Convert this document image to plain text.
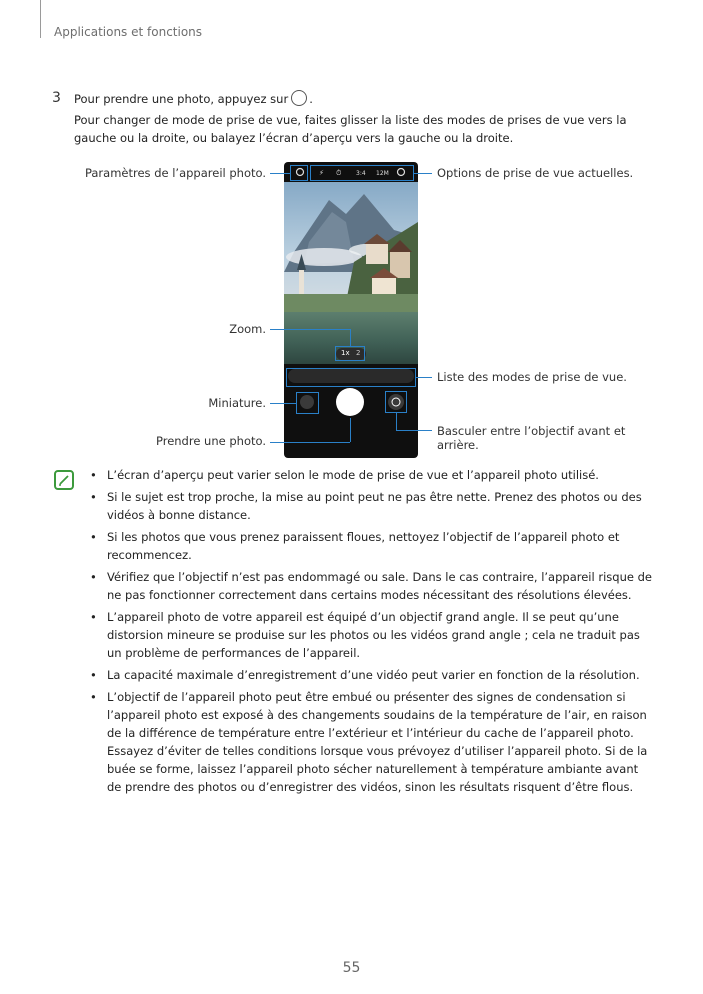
Applications et fonctions
3 Pour prendre une photo, appuyez sur .
Pour changer de mode de prise de vue, faites glisser la liste des modes de prises de vue vers la gauche ou la droite, ou balayez l’écran d’aperçu vers la gauche ou la droite.
⚡ ⏱ 3:4 12M
1x 2
Paramètres de l’appareil photo.	Options de prise de vue actuelles.
Zoom.
Liste des modes de prise de vue.
Miniature.
Prendre une photo.
Basculer entre l’objectif avant et arrière.
• L’écran d’aperçu peut varier selon le mode de prise de vue et l’appareil photo utilisé.
• Si le sujet est trop proche, la mise au point peut ne pas être nette. Prenez des photos ou des vidéos à bonne distance.
• Si les photos que vous prenez paraissent floues, nettoyez l’objectif de l’appareil photo et recommencez.
• Vérifiez que l’objectif n’est pas endommagé ou sale. Dans le cas contraire, l’appareil risque de ne pas fonctionner correctement dans certains modes nécessitant des résolutions élevées.
• L’appareil photo de votre appareil est équipé d’un objectif grand angle. Il se peut qu’une distorsion mineure se produise sur les photos ou les vidéos grand angle ; cela ne traduit pas un problème de performances de l’appareil.
• La capacité maximale d’enregistrement d’une vidéo peut varier en fonction de la résolution.
• L’objectif de l’appareil photo peut être embué ou présenter des signes de condensation si l’appareil photo est exposé à des changements soudains de la température de l’air, en raison de la différence de température entre l’extérieur et l’intérieur du cache de l’appareil photo. Essayez d’éviter de telles conditions lorsque vous prévoyez d’utiliser l’appareil photo. Si de la buée se forme, laissez l’appareil photo sécher naturellement à température ambiante avant de prendre des photos ou d’enregistrer des vidéos, sinon les résultats risquent d’être flous.
55
